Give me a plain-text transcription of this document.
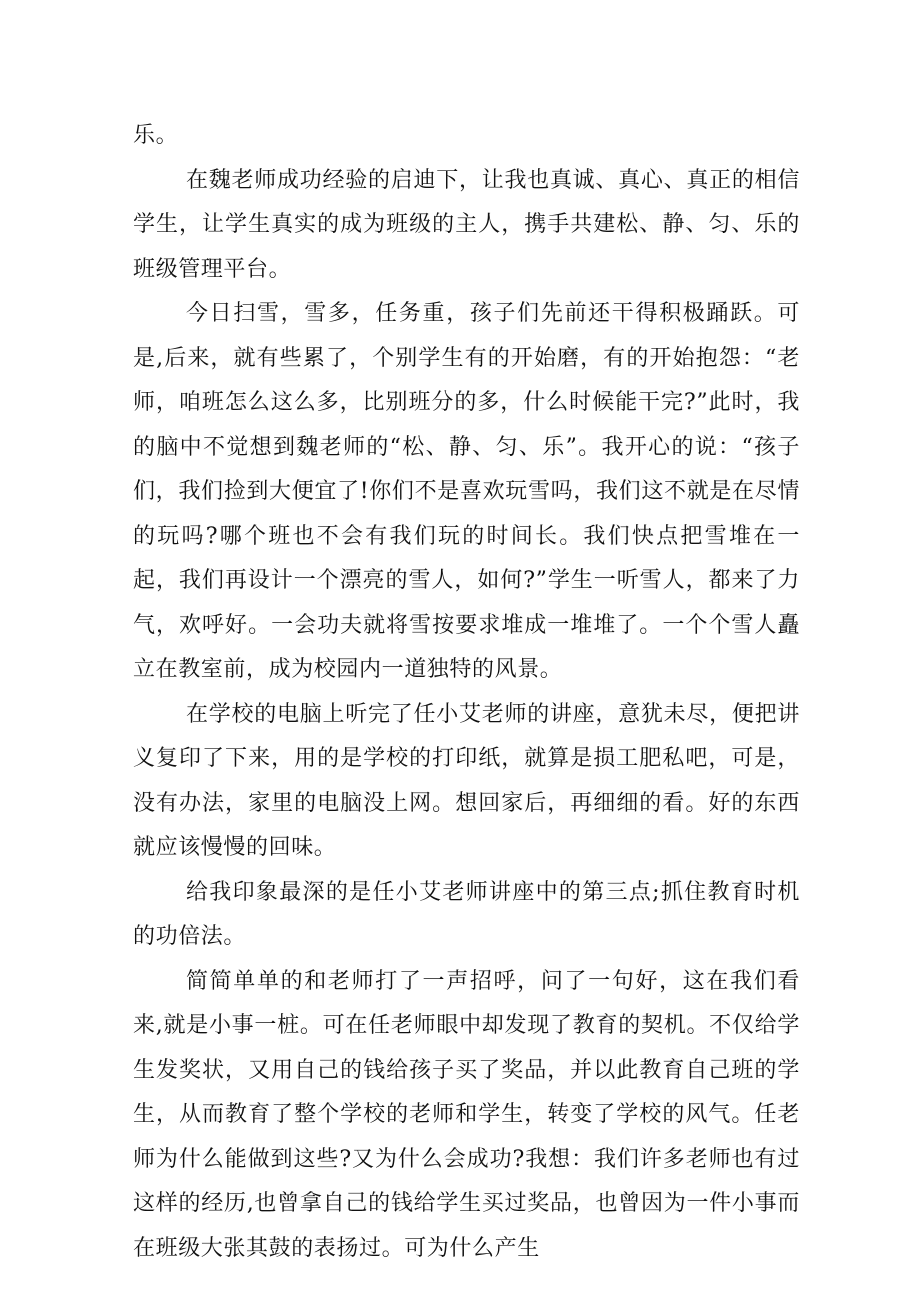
乐。

在魏老师成功经验的启迪下，让我也真诚、真心、真正的相信学生，让学生真实的成为班级的主人，携手共建松、静、匀、乐的班级管理平台。

今日扫雪，雪多，任务重，孩子们先前还干得积极踊跃。可是,后来，就有些累了，个别学生有的开始磨，有的开始抱怨：“老师，咱班怎么这么多，比别班分的多，什么时候能干完?”此时，我的脑中不觉想到魏老师的“松、静、匀、乐”。我开心的说：“孩子们，我们捡到大便宜了!你们不是喜欢玩雪吗，我们这不就是在尽情的玩吗?哪个班也不会有我们玩的时间长。我们快点把雪堆在一起，我们再设计一个漂亮的雪人，如何?”学生一听雪人，都来了力气，欢呼好。一会功夫就将雪按要求堆成一堆堆了。一个个雪人矗立在教室前，成为校园内一道独特的风景。

在学校的电脑上听完了任小艾老师的讲座，意犹未尽，便把讲义复印了下来，用的是学校的打印纸，就算是损工肥私吧，可是，没有办法，家里的电脑没上网。想回家后，再细细的看。好的东西就应该慢慢的回味。

给我印象最深的是任小艾老师讲座中的第三点;抓住教育时机的功倍法。

简简单单的和老师打了一声招呼，问了一句好，这在我们看来,就是小事一桩。可在任老师眼中却发现了教育的契机。不仅给学生发奖状，又用自己的钱给孩子买了奖品，并以此教育自己班的学生，从而教育了整个学校的老师和学生，转变了学校的风气。任老师为什么能做到这些?又为什么会成功?我想：我们许多老师也有过这样的经历,也曾拿自己的钱给学生买过奖品，也曾因为一件小事而在班级大张其鼓的表扬过。可为什么产生
